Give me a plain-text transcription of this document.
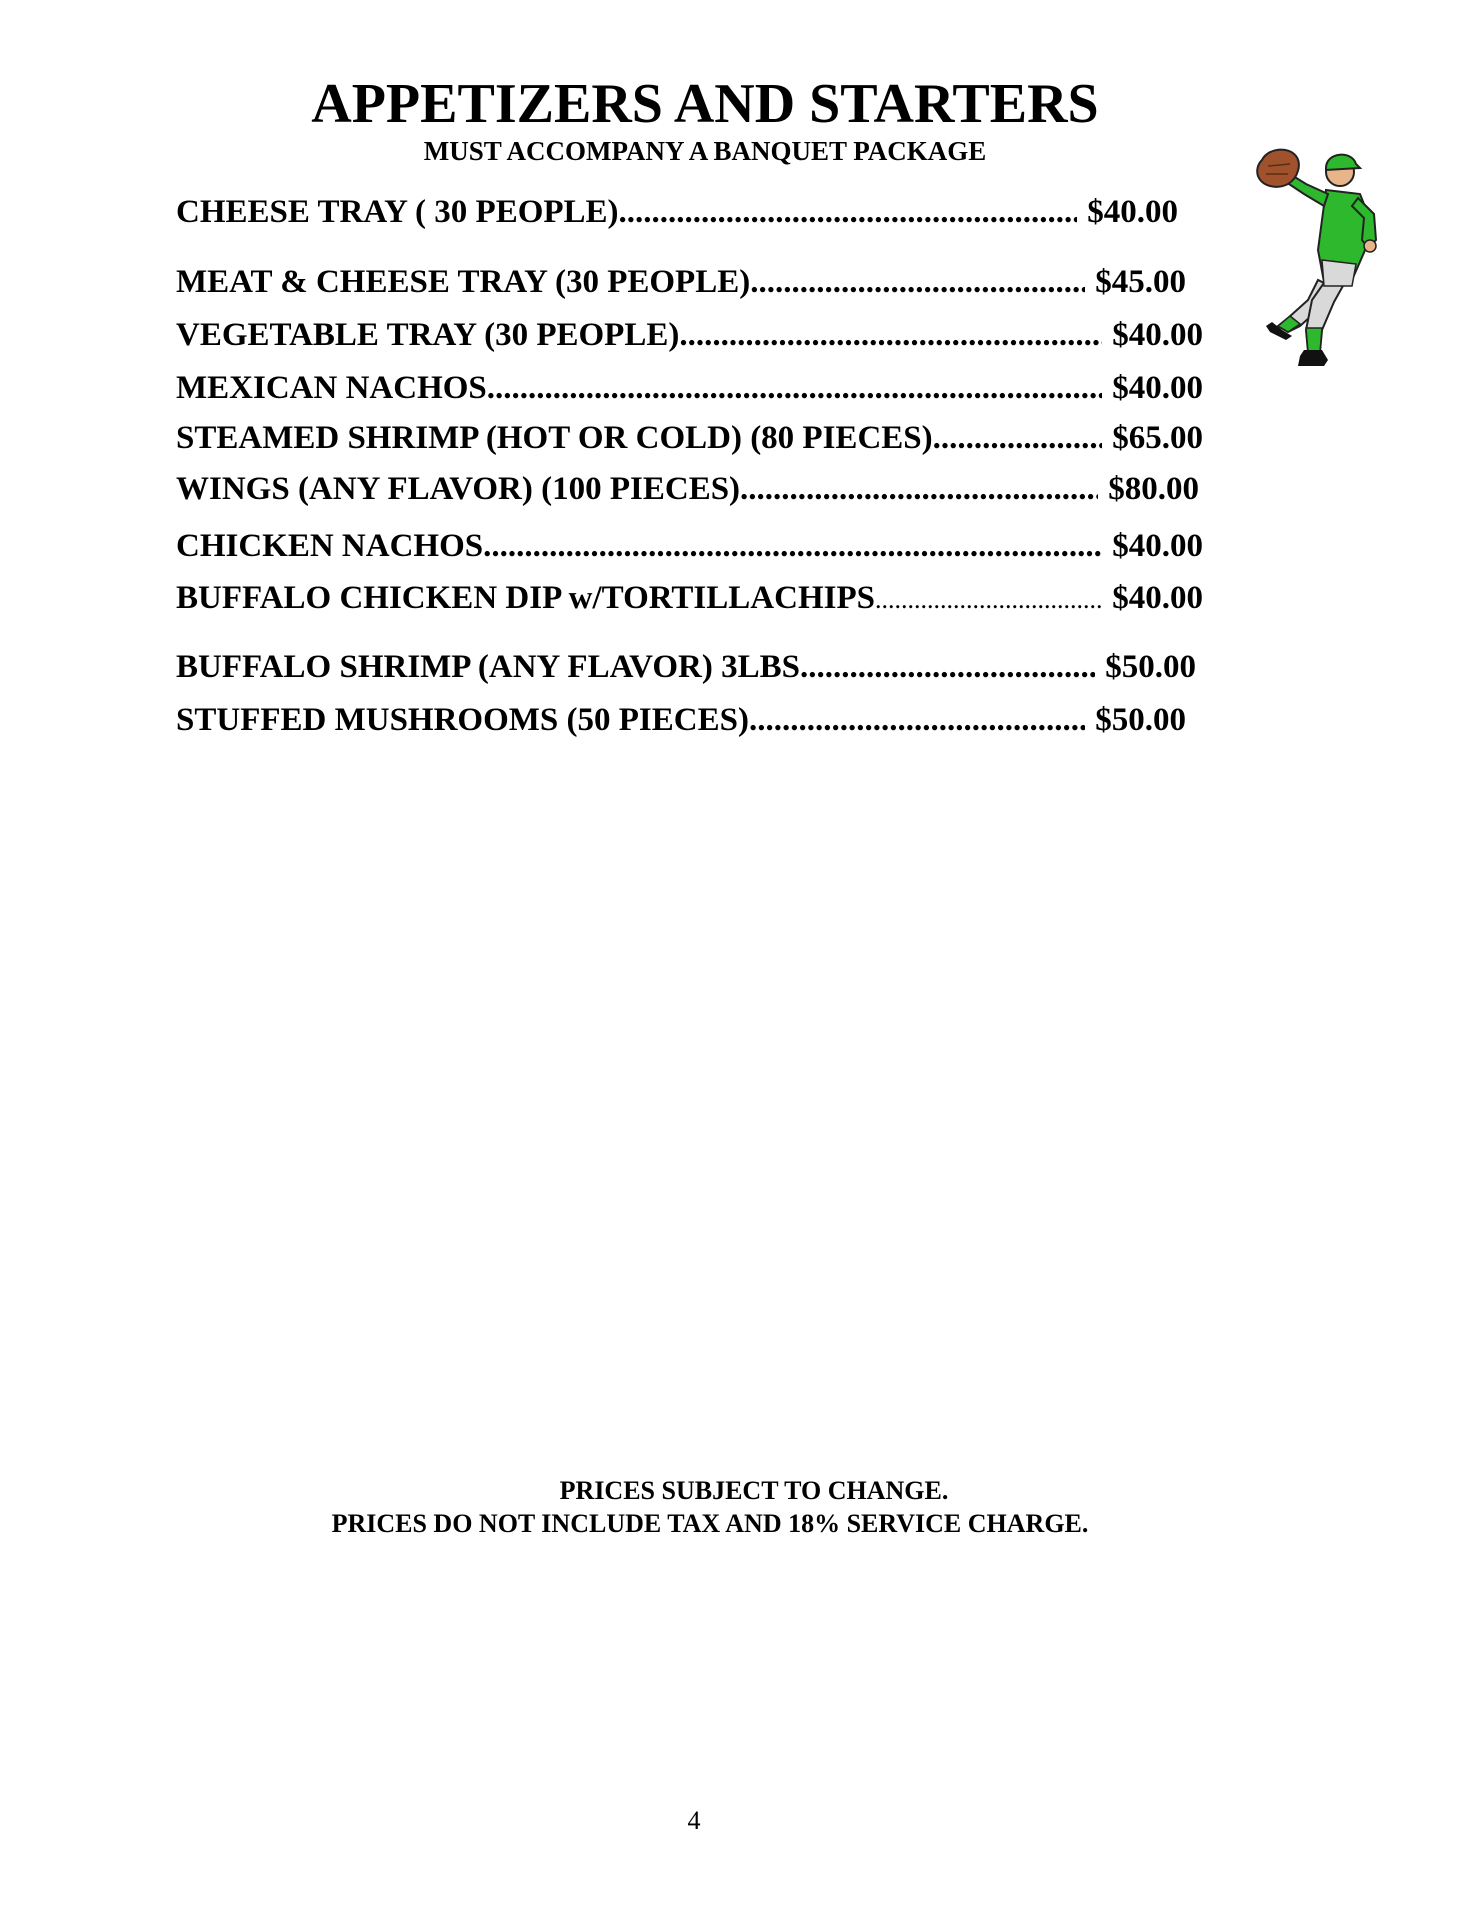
APPETIZERS AND STARTERS
MUST ACCOMPANY A BANQUET PACKAGE
CHEESE TRAY ( 30 PEOPLE) .....	$40.00
MEAT & CHEESE TRAY (30 PEOPLE) .....	$45.00
VEGETABLE TRAY (30 PEOPLE) .....	$40.00
MEXICAN NACHOS .....	$40.00
STEAMED SHRIMP (HOT OR COLD) (80 PIECES) .....	$65.00
WINGS (ANY FLAVOR) (100 PIECES) .....	$80.00
CHICKEN NACHOS .....	$40.00
BUFFALO CHICKEN DIP w/TORTILLACHIPS .....	$40.00
BUFFALO SHRIMP (ANY FLAVOR) 3LBS. .....	$50.00
STUFFED MUSHROOMS (50 PIECES) .....	$50.00
PRICES SUBJECT TO CHANGE.
PRICES DO NOT INCLUDE TAX AND 18% SERVICE CHARGE.
4
